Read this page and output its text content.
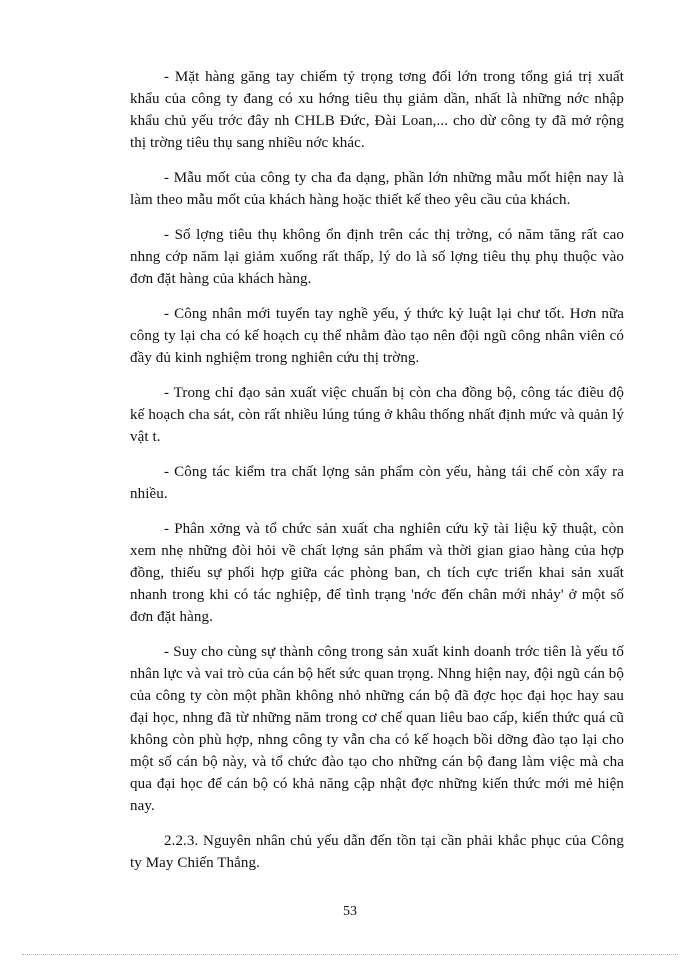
- Mặt hàng găng tay chiếm tỷ trọng tơng đối lớn trong tổng giá trị xuất khẩu của công ty đang có xu hớng tiêu thụ giảm dần, nhất là những nớc nhập khẩu chủ yếu trớc đây nh CHLB Đức, Đài Loan,... cho dừ công ty đã mở rộng thị trờng tiêu thụ sang nhiều nớc khác.

- Mẫu mốt của công ty cha đa dạng, phần lớn những mẫu mốt hiện nay là làm theo mẫu mốt của khách hàng hoặc thiết kế theo yêu cầu của khách.

- Số lợng tiêu thụ không ổn định trên các thị trờng, có năm tăng rất cao nhng cớp năm lại giảm xuống rất thấp, lý do là số lợng tiêu thụ phụ thuộc vào đơn đặt hàng của khách hàng.

- Công nhân mới tuyển tay nghề yếu, ý thức kỷ luật lại chư tốt. Hơn nữa công ty lại cha có kế hoạch cụ thể nhằm đào tạo nên đội ngũ công nhân viên có đầy đủ kinh nghiệm trong nghiên cứu thị trờng.

- Trong chỉ đạo sản xuất việc chuẩn bị còn cha đồng bộ, công tác điều độ kế hoạch cha sát, còn rất nhiều lúng túng ở khâu thống nhất định mức và quản lý vật t.

- Công tác kiểm tra chất lợng sản phẩm còn yếu, hàng tái chế còn xẩy ra nhiều.

- Phân xởng và tổ chức sản xuất cha nghiên cứu kỹ tài liệu kỹ thuật, còn xem nhẹ những đòi hỏi về chất lợng sản phẩm và thời gian giao hàng của hợp đồng, thiếu sự phối hợp giữa các phòng ban, ch tích cực triển khai sản xuất nhanh trong khi có tác nghiệp, để tình trạng 'nớc đến chân mới nhảy' ở một số đơn đặt hàng.

- Suy cho cùng sự thành công trong sản xuất kinh doanh trớc tiên là yếu tố nhân lực và vai trò của cán bộ hết sức quan trọng. Nhng hiện nay, đội ngũ cán bộ của công ty còn một phần không nhỏ những cán bộ đã đợc học đại học hay sau đại học, nhng đã từ những năm trong cơ chế quan liêu bao cấp, kiến thức quá cũ không còn phù hợp, nhng công ty vẫn cha có kế hoạch bồi dỡng đào tạo lại cho một số cán bộ này, và tổ chức đào tạo cho những cán bộ đang làm việc mà cha qua đại học để cán bộ có khả năng cập nhật đợc những kiến thức mới mẻ hiện nay.

2.2.3. Nguyên nhân chủ yếu dẫn đến tồn tại cần phải khắc phục của Công ty May Chiến Thắng.

53
